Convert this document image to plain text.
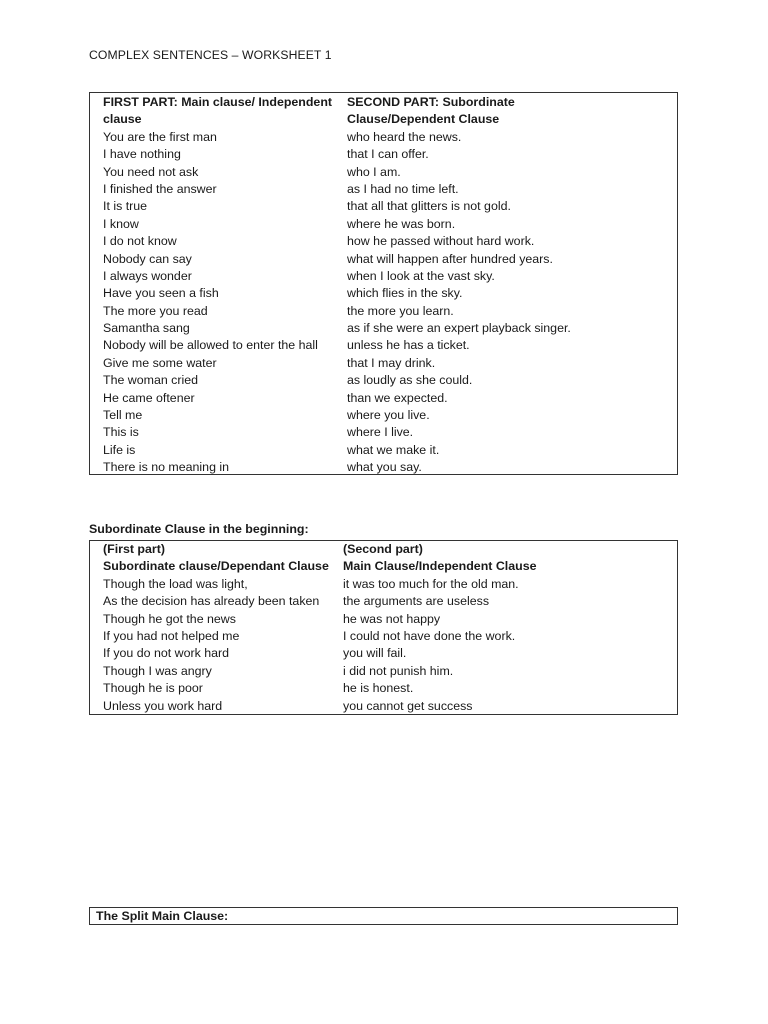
COMPLEX SENTENCES – WORKSHEET 1
FIRST PART: Main clause/ Independent	SECOND PART: Subordinate
clause	Clause/Dependent Clause
You are the first man	who heard the news.
I have nothing	that I can offer.
You need not ask	who I am.
I finished the answer	as I had no time left.
It is true	that all that glitters is not gold.
I know	where he was born.
I do not know	how he passed without hard work.
Nobody can say	what will happen after hundred years.
I always wonder	when I look at the vast sky.
Have you seen a fish	which flies in the sky.
The more you read	the more you learn.
Samantha sang	as if she were an expert playback singer.
Nobody will be allowed to enter the hall	unless he has a ticket.
Give me some water	that I may drink.
The woman cried	as loudly as she could.
He came oftener	than we expected.
Tell me	where you live.
This is	where I live.
Life is	what we make it.
There is no meaning in	what you say.
Subordinate Clause in the beginning:
(First part)	(Second part)
Subordinate clause/Dependant Clause	Main Clause/Independent Clause
Though the load was light,	it was too much for the old man.
As the decision has already been taken	the arguments are useless
Though he got the news	he was not happy
If you had not helped me	I could not have done the work.
If you do not work hard	you will fail.
Though I was angry	i did not punish him.
Though he is poor	he is honest.
Unless you work hard	you cannot get success
The Split Main Clause:
